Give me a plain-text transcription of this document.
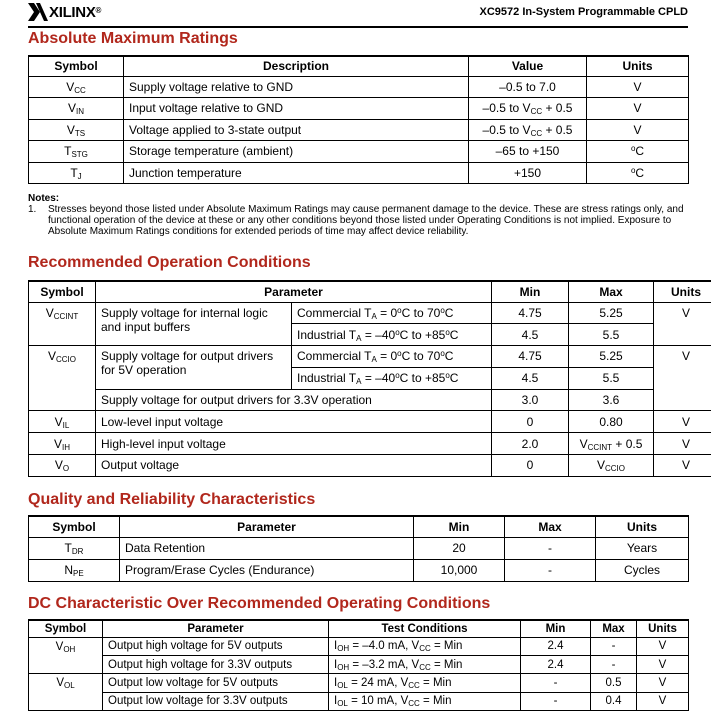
XILINX®	XC9572 In-System Programmable CPLD
Absolute Maximum Ratings
Symbol	Description	Value	Units
$V_{CC}$	Supply voltage relative to GND	–0.5 to 7.0	V
$V_{IN}$	Input voltage relative to GND	–0.5 to $V_{CC} + 0.5$	V
$V_{TS}$	Voltage applied to 3-state output	–0.5 to $V_{CC} + 0.5$	V
$T_{STG}$	Storage temperature (ambient)	–65 to +150	$^o$C
$T_J$	Junction temperature	+150	$^o$C
Notes:
1.	Stresses beyond those listed under Absolute Maximum Ratings may cause permanent damage to the device. These are stress ratings only, and functional operation of the device at these or any other conditions beyond those listed under Operating Conditions is not implied. Exposure to Absolute Maximum Ratings conditions for extended periods of time may affect device reliability.
Recommended Operation Conditions
Symbol	Parameter		Min	Max	Units
$V_{CCINT}$	Supply voltage for internal logic and input buffers	Commercial $T_A = 0^oC$ to 70$^o$C	4.75	5.25	V
		Industrial $T_A = -40^oC$ to $+85^oC$	4.5	5.5	
$V_{CCIO}$	Supply voltage for output drivers for 5V operation	Commercial $T_A = 0^oC$ to 70$^o$C	4.75	5.25	V
		Industrial $T_A = -40^oC$ to $+85^oC$	4.5	5.5	
	Supply voltage for output drivers for 3.3V operation		3.0	3.6	
$V_{IL}$	Low-level input voltage		0	0.80	V
$V_{IH}$	High-level input voltage		2.0	$V_{CCINT} + 0.5$	V
$V_O$	Output voltage		0	$V_{CCIO}$	V
Quality and Reliability Characteristics
Symbol	Parameter	Min	Max	Units
$T_{DR}$	Data Retention	20	-	Years
$N_{PE}$	Program/Erase Cycles (Endurance)	10,000	-	Cycles
DC Characteristic Over Recommended Operating Conditions
Symbol	Parameter	Test Conditions	Min	Max	Units
$V_{OH}$	Output high voltage for 5V outputs	$I_{OH} = -4.0$ mA, $V_{CC}$ = Min	2.4	-	V
	Output high voltage for 3.3V outputs	$I_{OH} = -3.2$ mA, $V_{CC}$ = Min	2.4	-	V
$V_{OL}$	Output low voltage for 5V outputs	$I_{OL} = 24$ mA, $V_{CC}$ = Min	-	0.5	V
	Output low voltage for 3.3V outputs	$I_{OL} = 10$ mA, $V_{CC}$ = Min	-	0.4	V
